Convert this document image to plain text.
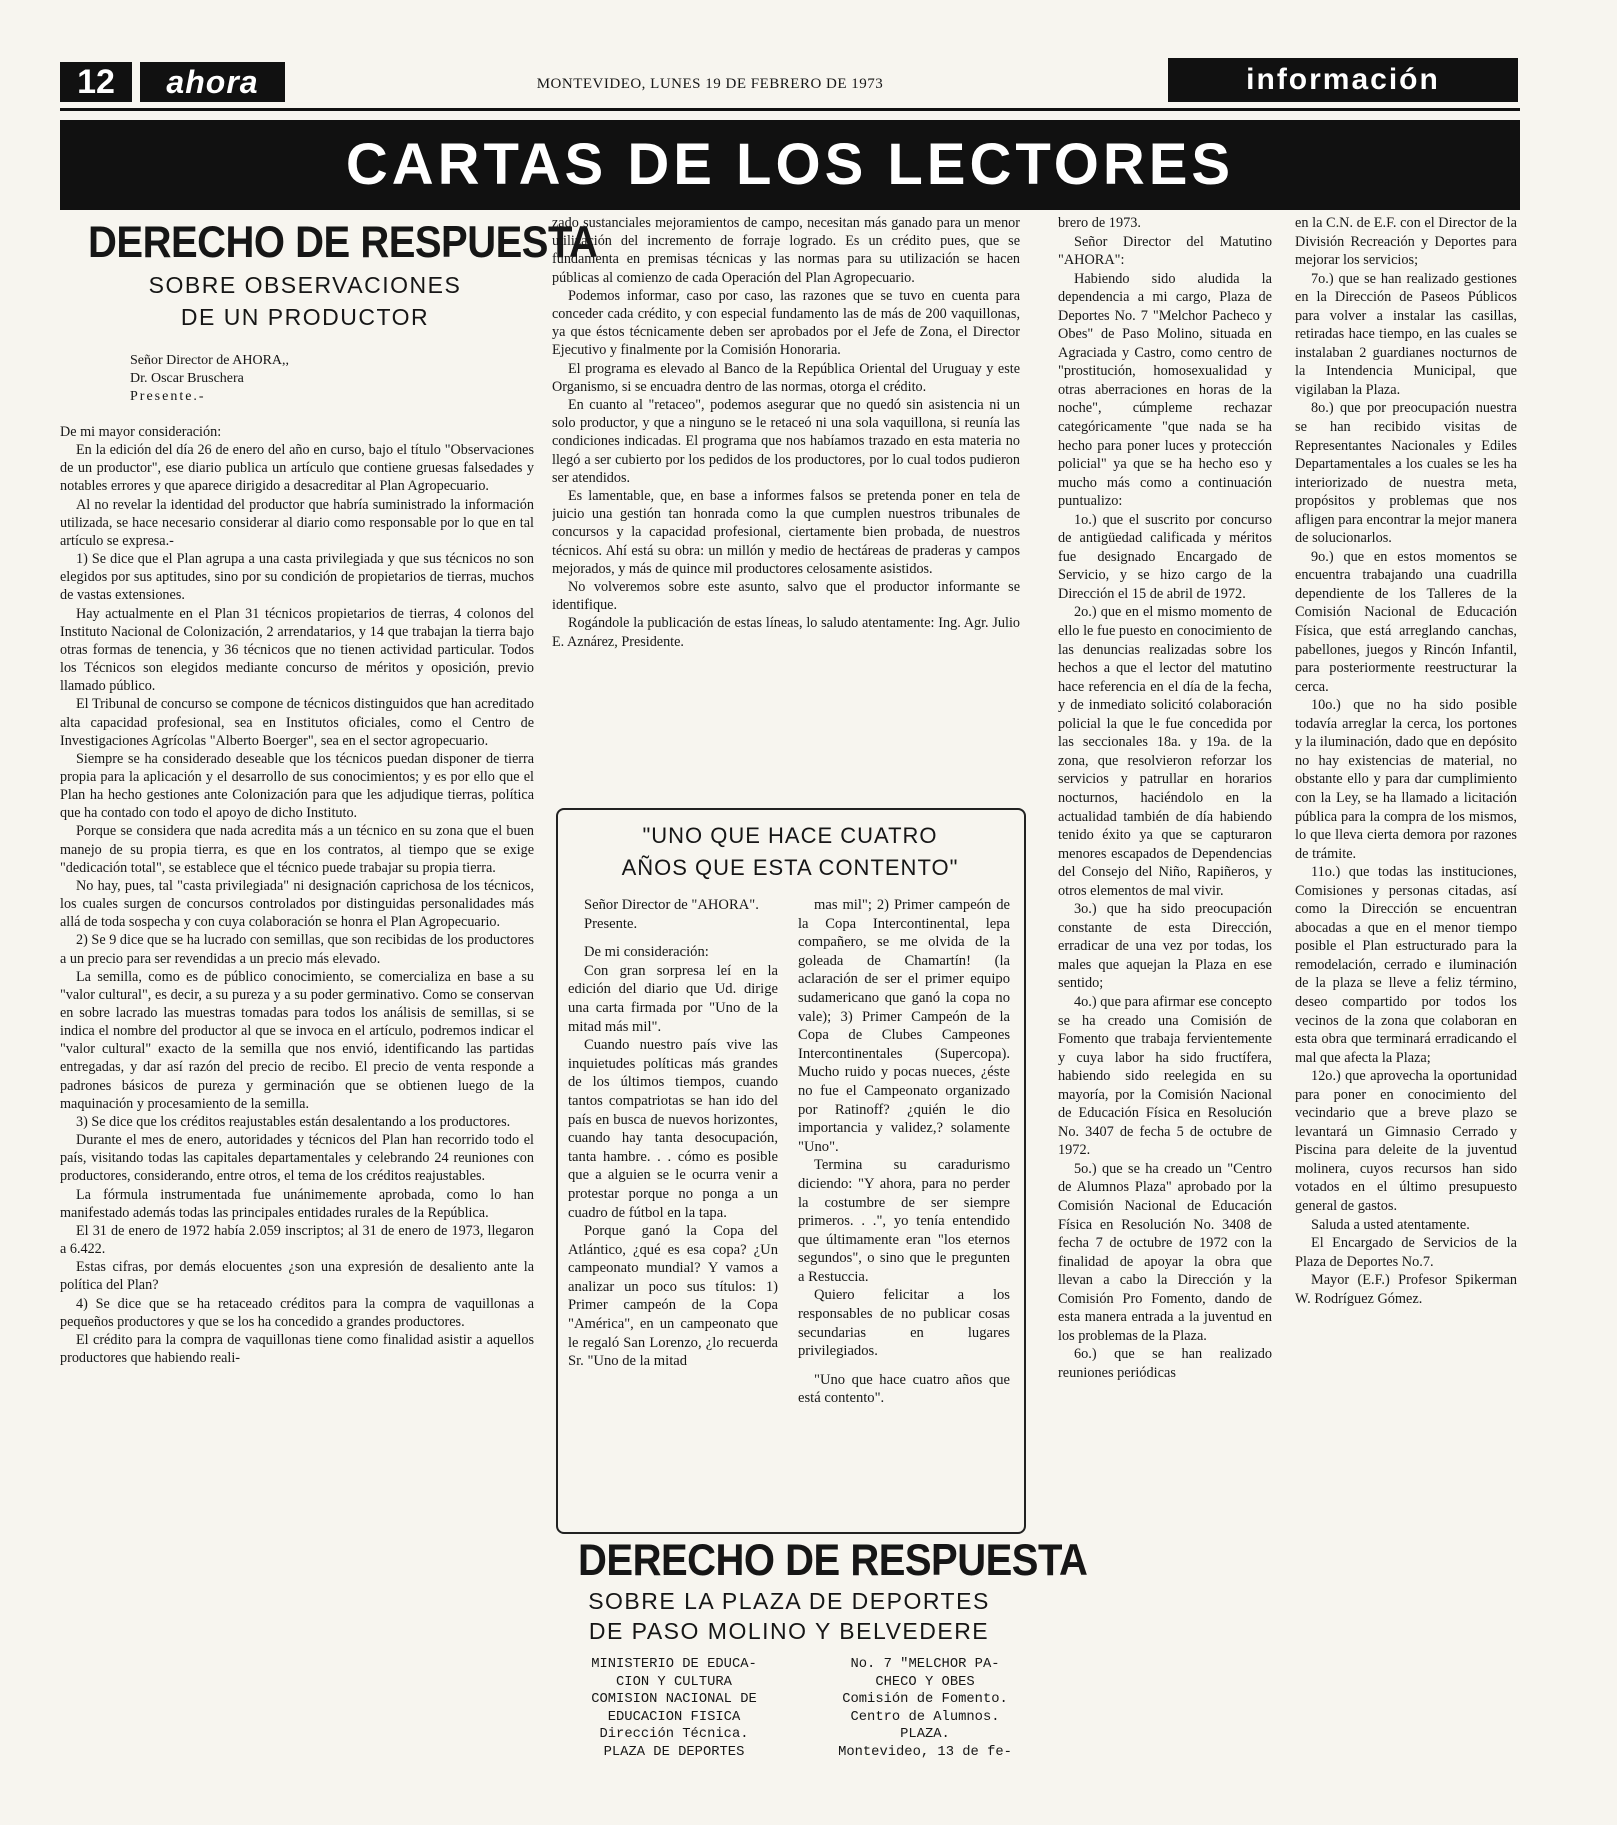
12	ahora	MONTEVIDEO, LUNES 19 DE FEBRERO DE 1973	información
CARTAS DE LOS LECTORES
DERECHO DE RESPUESTA
SOBRE OBSERVACIONES
DE UN PRODUCTOR
Señor Director de AHORA,,
Dr. Oscar Bruschera
Presente.-

De mi mayor consideración:

En la edición del día 26 de enero del año en curso, bajo el título "Observaciones de un productor", ese diario publica un artículo que contiene gruesas falsedades y notables errores y que aparece dirigido a desacreditar al Plan Agropecuario.

Al no revelar la identidad del productor que habría suministrado la información utilizada, se hace necesario considerar al diario como responsable por lo que en tal artículo se expresa.-

1) Se dice que el Plan agrupa a una casta privilegiada y que sus técnicos no son elegidos por sus aptitudes, sino por su condición de propietarios de tierras, muchos de vastas extensiones.

Hay actualmente en el Plan 31 técnicos propietarios de tierras, 4 colonos del Instituto Nacional de Colonización, 2 arrendatarios, y 14 que trabajan la tierra bajo otras formas de tenencia, y 36 técnicos que no tienen actividad particular. Todos los Técnicos son elegidos mediante concurso de méritos y oposición, previo llamado público.

El Tribunal de concurso se compone de técnicos distinguidos que han acreditado alta capacidad profesional, sea en Institutos oficiales, como el Centro de Investigaciones Agrícolas "Alberto Boerger", sea en el sector agropecuario.

Siempre se ha considerado deseable que los técnicos puedan disponer de tierra propia para la aplicación y el desarrollo de sus conocimientos; y es por ello que el Plan ha hecho gestiones ante Colonización para que les adjudique tierras, política que ha contado con todo el apoyo de dicho Instituto.

Porque se considera que nada acredita más a un técnico en su zona que el buen manejo de su propia tierra, es que en los contratos, al tiempo que se exige "dedicación total", se establece que el técnico puede trabajar su propia tierra.

No hay, pues, tal "casta privilegiada" ni designación caprichosa de los técnicos, los cuales surgen de concursos controlados por distinguidas personalidades más allá de toda sospecha y con cuya colaboración se honra el Plan Agropecuario.

2) Se 9 dice que se ha lucrado con semillas, que son recibidas de los productores a un precio para ser revendidas a un precio más elevado.

La semilla, como es de público conocimiento, se comercializa en base a su "valor cultural", es decir, a su pureza y a su poder germinativo. Como se conservan en sobre lacrado las muestras tomadas para todos los análisis de semillas, si se indica el nombre del productor al que se invoca en el artículo, podremos indicar el "valor cultural" exacto de la semilla que nos envió, identificando las partidas entregadas, y dar así razón del precio de recibo. El precio de venta responde a padrones básicos de pureza y germinación que se obtienen luego de la maquinación y procesamiento de la semilla.

3) Se dice que los créditos reajustables están desalentando a los productores.

Durante el mes de enero, autoridades y técnicos del Plan han recorrido todo el país, visitando todas las capitales departamentales y celebrando 24 reuniones con productores, considerando, entre otros, el tema de los créditos reajustables.

La fórmula instrumentada fue unánimemente aprobada, como lo han manifestado además todas las principales entidades rurales de la República.

El 31 de enero de 1972 había 2.059 inscriptos; al 31 de enero de 1973, llegaron a 6.422.

Estas cifras, por demás elocuentes ¿son una expresión de desaliento ante la política del Plan?

4) Se dice que se ha retaceado créditos para la compra de vaquillonas a pequeños productores y que se los ha concedido a grandes productores.

El crédito para la compra de vaquillonas tiene como finalidad asistir a aquellos productores que habiendo reali-

zado sustanciales mejoramientos de campo, necesitan más ganado para un menor utilización del incremento de forraje logrado. Es un crédito pues, que se fundamenta en premisas técnicas y las normas para su utilización se hacen públicas al comienzo de cada Operación del Plan Agropecuario.

Podemos informar, caso por caso, las razones que se tuvo en cuenta para conceder cada crédito, y con especial fundamento las de más de 200 vaquillonas, ya que éstos técnicamente deben ser aprobados por el Jefe de Zona, el Director Ejecutivo y finalmente por la Comisión Honoraria.

El programa es elevado al Banco de la República Oriental del Uruguay y este Organismo, si se encuadra dentro de las normas, otorga el crédito.

En cuanto al "retaceo", podemos asegurar que no quedó sin asistencia ni un solo productor, y que a ninguno se le retaceó ni una sola vaquillona, si reunía las condiciones indicadas. El programa que nos habíamos trazado en esta materia no llegó a ser cubierto por los pedidos de los productores, por lo cual todos pudieron ser atendidos.

Es lamentable, que, en base a informes falsos se pretenda poner en tela de juicio una gestión tan honrada como la que cumplen nuestros tribunales de concursos y la capacidad profesional, ciertamente bien probada, de nuestros técnicos. Ahí está su obra: un millón y medio de hectáreas de praderas y campos mejorados, y más de quince mil productores celosamente asistidos.

No volveremos sobre este asunto, salvo que el productor informante se identifique.

Rogándole la publicación de estas líneas, lo saludo atentamente: Ing. Agr. Julio E. Aznárez, Presidente.

"UNO QUE HACE CUATRO
AÑOS QUE ESTA CONTENTO"

Señor Director de "AHORA".

Presente.

De mi consideración:

Con gran sorpresa leí en la edición del diario que Ud. dirige una carta firmada por "Uno de la mitad más mil".

Cuando nuestro país vive las inquietudes políticas más grandes de los últimos tiempos, cuando tantos compatriotas se han ido del país en busca de nuevos horizontes, cuando hay tanta desocupación, tanta hambre. . . cómo es posible que a alguien se le ocurra venir a protestar porque no ponga a un cuadro de fútbol en la tapa.

Porque ganó la Copa del Atlántico, ¿qué es esa copa? ¿Un campeonato mundial? Y vamos a analizar un poco sus títulos: 1) Primer campeón de la Copa "América", en un campeonato que le regaló San Lorenzo, ¿lo recuerda Sr. "Uno de la mitad

mas mil"; 2) Primer campeón de la Copa Intercontinental, lepa compañero, se me olvida de la goleada de Chamartín! (la aclaración de ser el primer equipo sudamericano que ganó la copa no vale); 3) Primer Campeón de la Copa de Clubes Campeones Intercontinentales (Supercopa). Mucho ruido y pocas nueces, ¿éste no fue el Campeonato organizado por Ratinoff? ¿quién le dio importancia y validez,? solamente "Uno".

Termina su caradurismo diciendo: "Y ahora, para no perder la costumbre de ser siempre primeros. . .", yo tenía entendido que últimamente eran "los eternos segundos", o sino que le pregunten a Restuccia.

Quiero felicitar a los responsables de no publicar cosas secundarias en lugares privilegiados.

"Uno que hace cuatro años que está contento".

DERECHO DE RESPUESTA
SOBRE LA PLAZA DE DEPORTES
DE PASO MOLINO Y BELVEDERE
MINISTERIO DE EDUCA-
CION Y CULTURA
COMISION NACIONAL DE
EDUCACION FISICA
Dirección Técnica.
PLAZA DE DEPORTES
No. 7 "MELCHOR PA-
CHECO Y OBES
Comisión de Fomento.
Centro de Alumnos.
PLAZA.
Montevideo, 13 de fe-

brero de 1973.

Señor Director del Matutino "AHORA":

Habiendo sido aludida la dependencia a mi cargo, Plaza de Deportes No. 7 "Melchor Pacheco y Obes" de Paso Molino, situada en Agraciada y Castro, como centro de "prostitución, homosexualidad y otras aberraciones en horas de la noche", cúmpleme rechazar categóricamente "que nada se ha hecho para poner luces y protección policial" ya que se ha hecho eso y mucho más como a continuación puntualizo:

1o.) que el suscrito por concurso de antigüedad calificada y méritos fue designado Encargado de Servicio, y se hizo cargo de la Dirección el 15 de abril de 1972.

2o.) que en el mismo momento de ello le fue puesto en conocimiento de las denuncias realizadas sobre los hechos a que el lector del matutino hace referencia en el día de la fecha, y de inmediato solicitó colaboración policial la que le fue concedida por las seccionales 18a. y 19a. de la zona, que resolvieron reforzar los servicios y patrullar en horarios nocturnos, haciéndolo en la actualidad también de día habiendo tenido éxito ya que se capturaron menores escapados de Dependencias del Consejo del Niño, Rapiñeros, y otros elementos de mal vivir.

3o.) que ha sido preocupación constante de esta Dirección, erradicar de una vez por todas, los males que aquejan la Plaza en ese sentido;

4o.) que para afirmar ese concepto se ha creado una Comisión de Fomento que trabaja fervientemente y cuya labor ha sido fructífera, habiendo sido reelegida en su mayoría, por la Comisión Nacional de Educación Física en Resolución No. 3407 de fecha 5 de octubre de 1972.

5o.) que se ha creado un "Centro de Alumnos Plaza" aprobado por la Comisión Nacional de Educación Física en Resolución No. 3408 de fecha 7 de octubre de 1972 con la finalidad de apoyar la obra que llevan a cabo la Dirección y la Comisión Pro Fomento, dando de esta manera entrada a la juventud en los problemas de la Plaza.

6o.) que se han realizado reuniones periódicas

en la C.N. de E.F. con el Director de la División Recreación y Deportes para mejorar los servicios;

7o.) que se han realizado gestiones en la Dirección de Paseos Públicos para volver a instalar las casillas, retiradas hace tiempo, en las cuales se instalaban 2 guardianes nocturnos de la Intendencia Municipal, que vigilaban la Plaza.

8o.) que por preocupación nuestra se han recibido visitas de Representantes Nacionales y Ediles Departamentales a los cuales se les ha interiorizado de nuestra meta, propósitos y problemas que nos afligen para encontrar la mejor manera de solucionarlos.

9o.) que en estos momentos se encuentra trabajando una cuadrilla dependiente de los Talleres de la Comisión Nacional de Educación Física, que está arreglando canchas, pabellones, juegos y Rincón Infantil, para posteriormente reestructurar la cerca.

10o.) que no ha sido posible todavía arreglar la cerca, los portones y la iluminación, dado que en depósito no hay existencias de material, no obstante ello y para dar cumplimiento con la Ley, se ha llamado a licitación pública para la compra de los mismos, lo que lleva cierta demora por razones de trámite.

11o.) que todas las instituciones, Comisiones y personas citadas, así como la Dirección se encuentran abocadas a que en el menor tiempo posible el Plan estructurado para la remodelación, cerrado e iluminación de la plaza se lleve a feliz término, deseo compartido por todos los vecinos de la zona que colaboran en esta obra que terminará erradicando el mal que afecta la Plaza;

12o.) que aprovecha la oportunidad para poner en conocimiento del vecindario que a breve plazo se levantará un Gimnasio Cerrado y Piscina para deleite de la juventud molinera, cuyos recursos han sido votados en el último presupuesto general de gastos.

Saluda a usted atentamente.

El Encargado de Servicios de la Plaza de Deportes No.7.

Mayor (E.F.) Profesor Spikerman W. Rodríguez Gómez.
